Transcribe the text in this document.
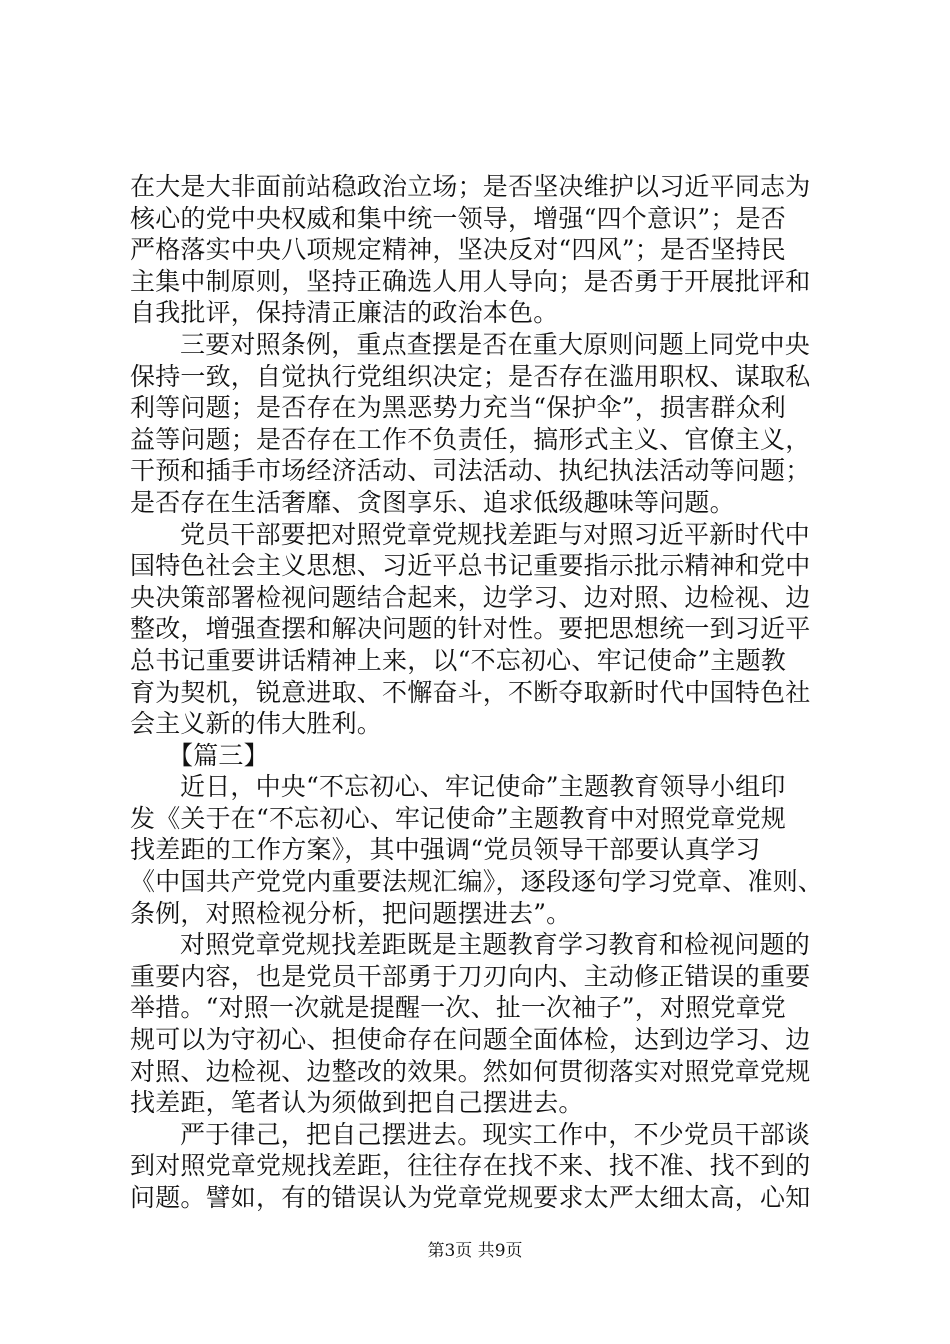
在大是大非面前站稳政治立场；是否坚决维护以习近平同志为
核心的党中央权威和集中统一领导，增强“四个意识”；是否
严格落实中央八项规定精神，坚决反对“四风”；是否坚持民
主集中制原则，坚持正确选人用人导向；是否勇于开展批评和
自我批评，保持清正廉洁的政治本色。
三要对照条例，重点查摆是否在重大原则问题上同党中央
保持一致，自觉执行党组织决定；是否存在滥用职权、谋取私
利等问题；是否存在为黑恶势力充当“保护伞”，损害群众利
益等问题；是否存在工作不负责任，搞形式主义、官僚主义，
干预和插手市场经济活动、司法活动、执纪执法活动等问题；
是否存在生活奢靡、贪图享乐、追求低级趣味等问题。
党员干部要把对照党章党规找差距与对照习近平新时代中
国特色社会主义思想、习近平总书记重要指示批示精神和党中
央决策部署检视问题结合起来，边学习、边对照、边检视、边
整改，增强查摆和解决问题的针对性。要把思想统一到习近平
总书记重要讲话精神上来，以“不忘初心、牢记使命”主题教
育为契机，锐意进取、不懈奋斗，不断夺取新时代中国特色社
会主义新的伟大胜利。
【篇三】
近日，中央“不忘初心、牢记使命”主题教育领导小组印
发《关于在“不忘初心、牢记使命”主题教育中对照党章党规
找差距的工作方案》，其中强调“党员领导干部要认真学习
《中国共产党党内重要法规汇编》，逐段逐句学习党章、准则、
条例，对照检视分析，把问题摆进去”。
对照党章党规找差距既是主题教育学习教育和检视问题的
重要内容，也是党员干部勇于刀刃向内、主动修正错误的重要
举措。“对照一次就是提醒一次、扯一次袖子”，对照党章党
规可以为守初心、担使命存在问题全面体检，达到边学习、边
对照、边检视、边整改的效果。然如何贯彻落实对照党章党规
找差距，笔者认为须做到把自己摆进去。
严于律己，把自己摆进去。现实工作中，不少党员干部谈
到对照党章党规找差距，往往存在找不来、找不准、找不到的
问题。譬如，有的错误认为党章党规要求太严太细太高，心知
第3页 共9页
